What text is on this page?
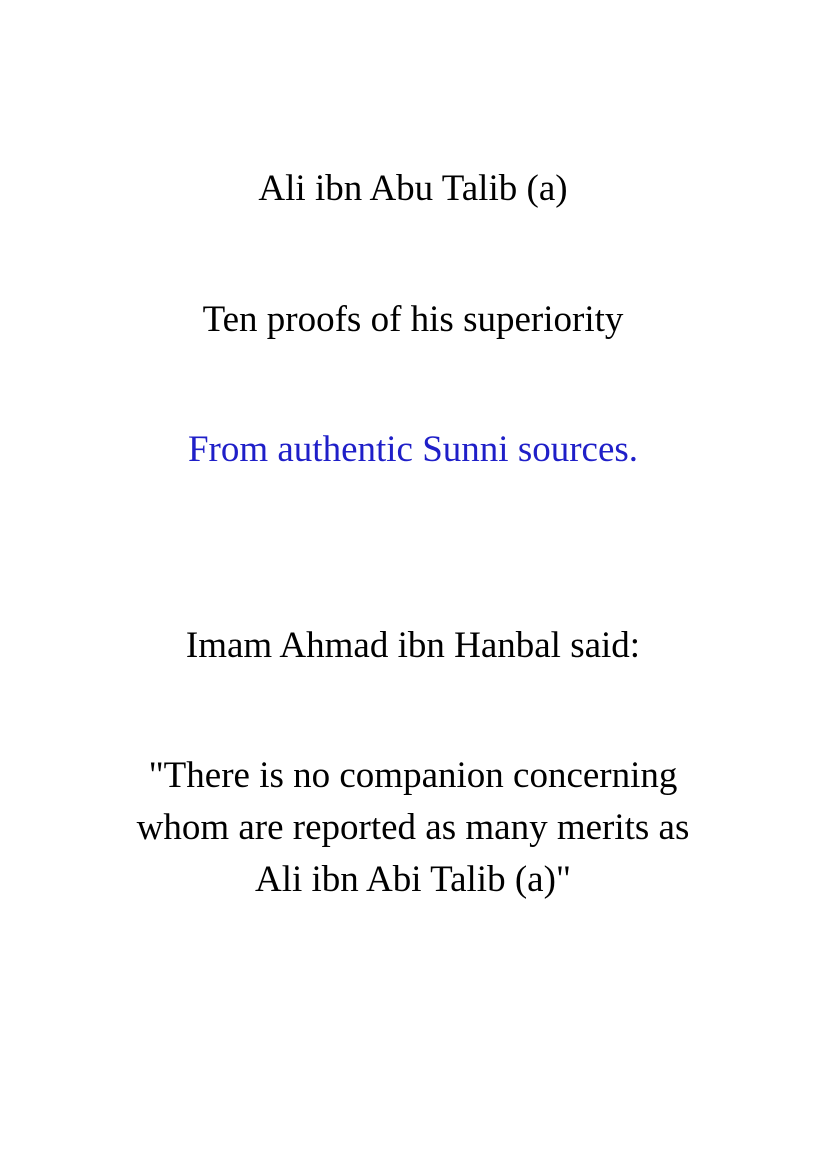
Ali ibn Abu Talib (a)
Ten proofs of his superiority

From authentic Sunni sources.

Imam Ahmad ibn Hanbal said:

"There is no companion concerning
whom are reported as many merits as
Ali ibn Abi Talib (a)"
